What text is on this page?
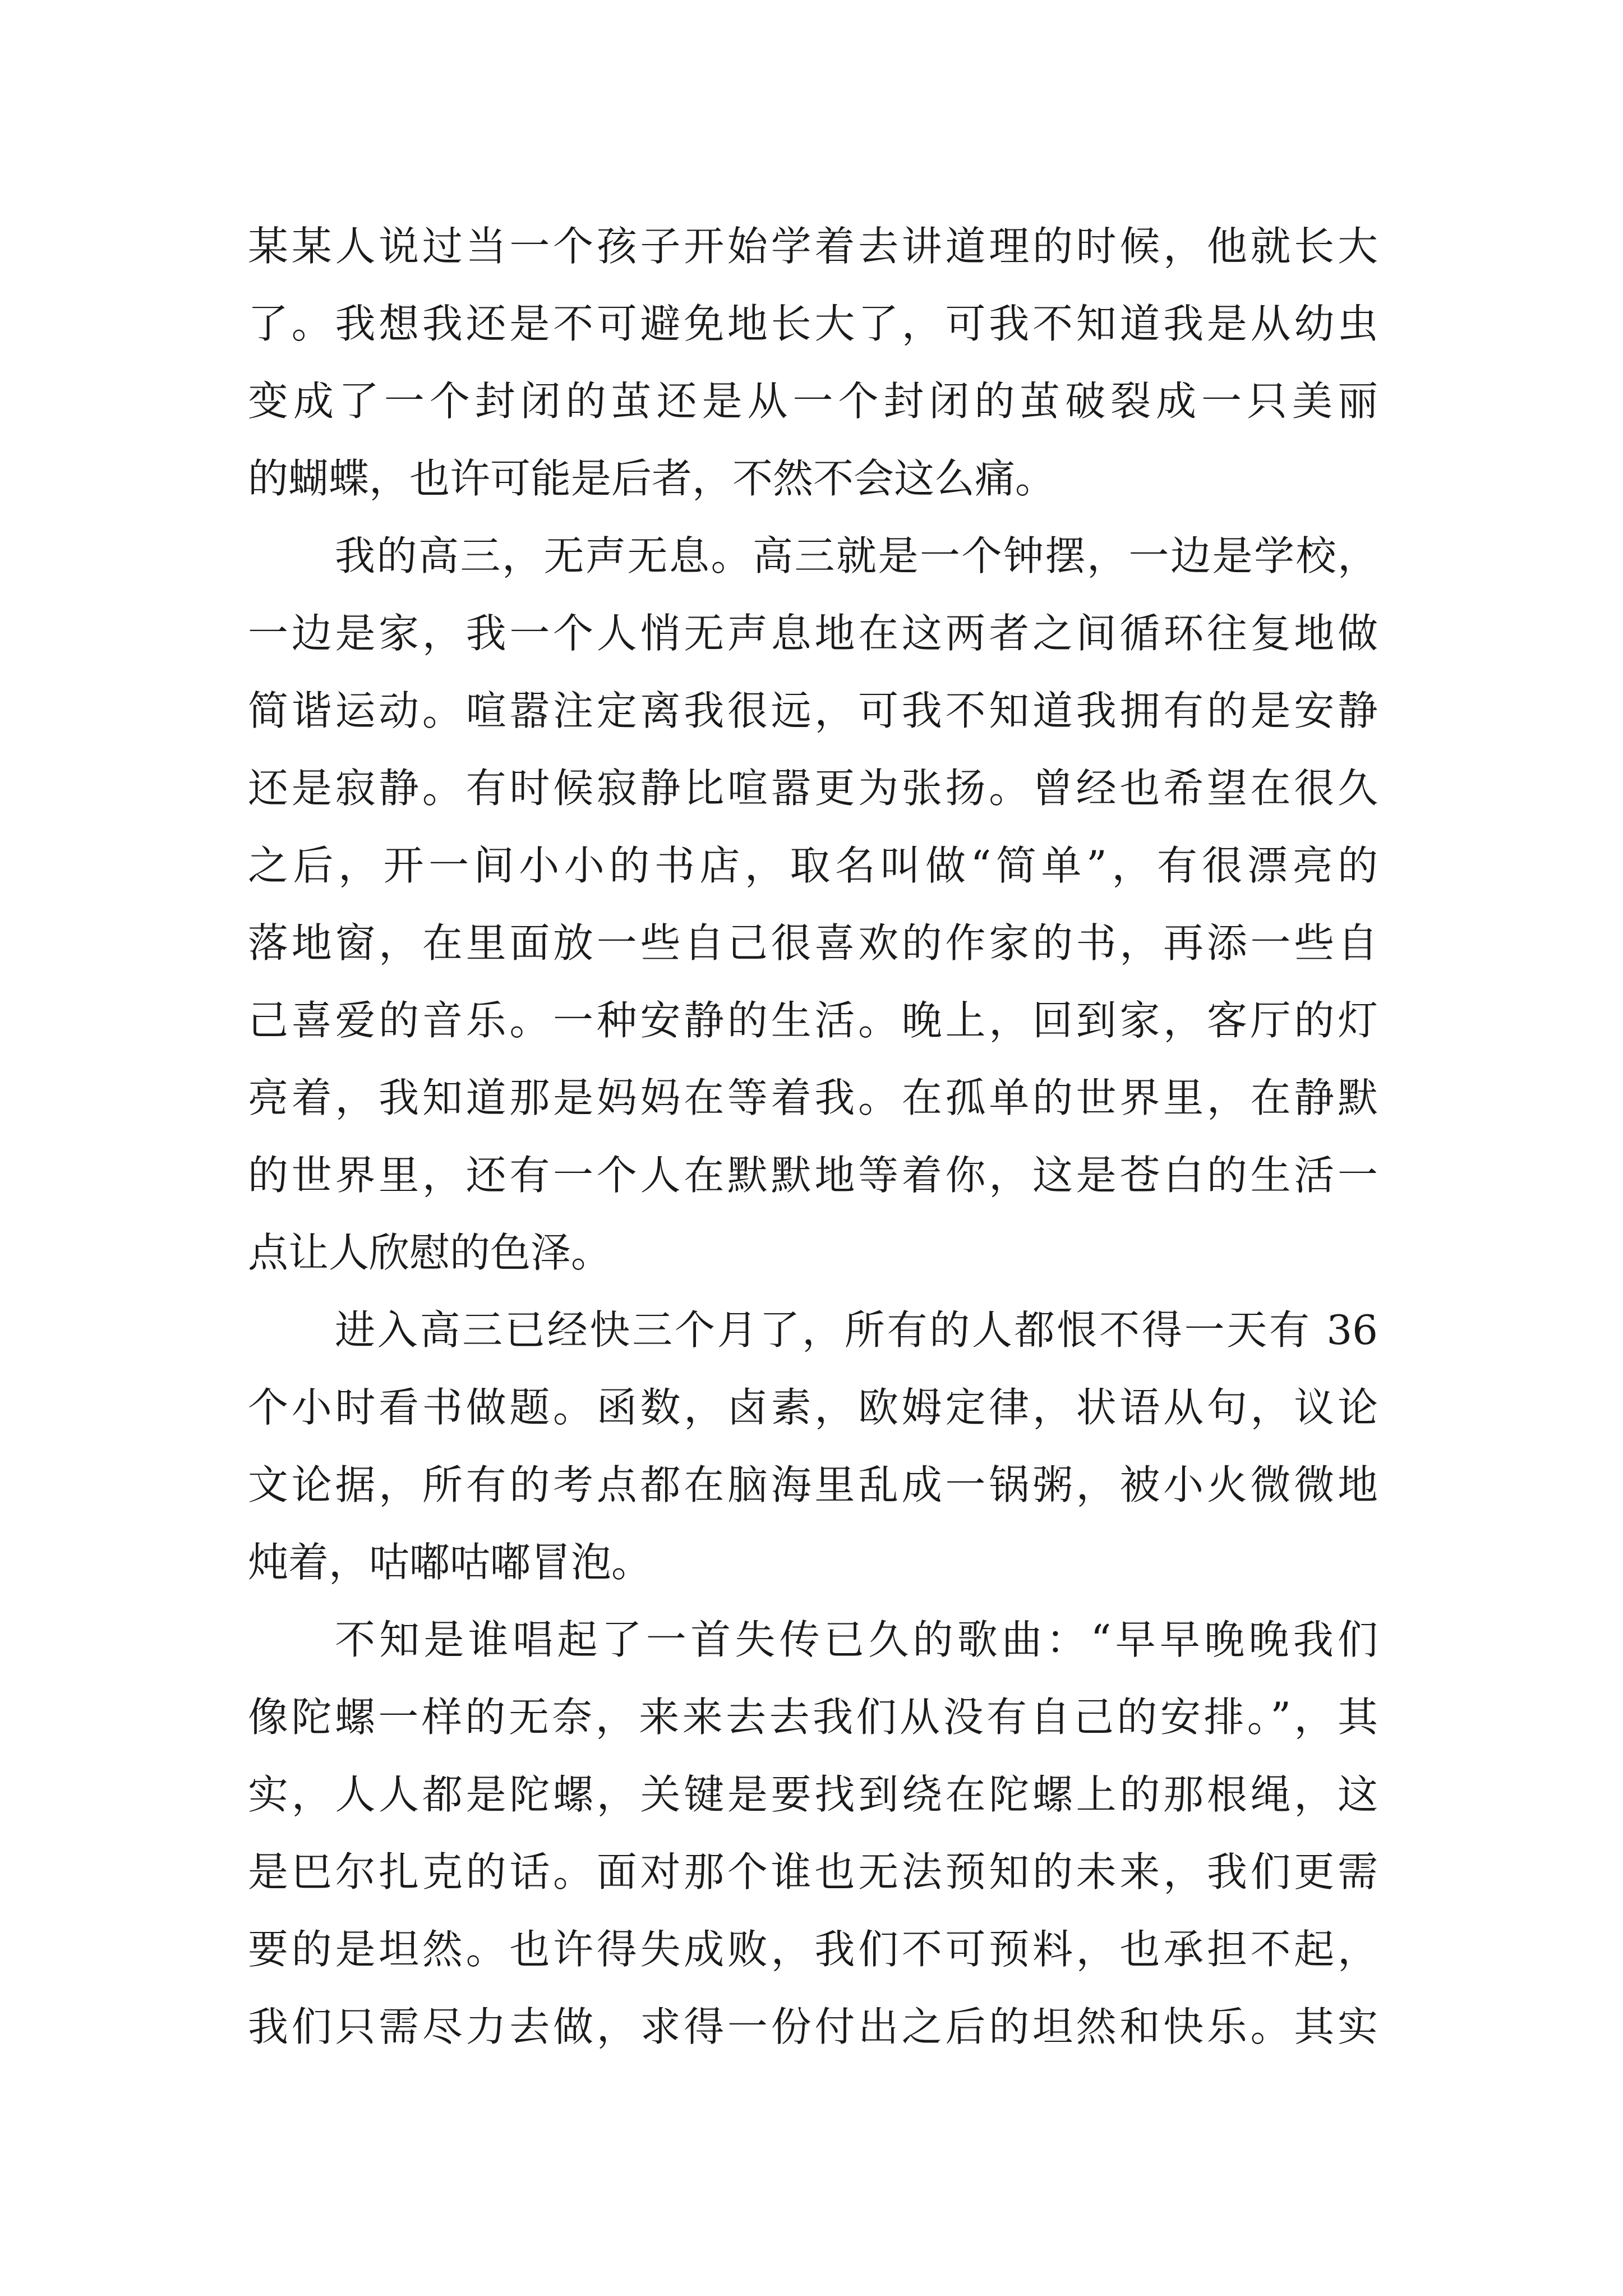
某某人说过当一个孩子开始学着去讲道理的时候，他就长大
了。我想我还是不可避免地长大了，可我不知道我是从幼虫
变成了一个封闭的茧还是从一个封闭的茧破裂成一只美丽
的蝴蝶，也许可能是后者，不然不会这么痛。
我的高三，无声无息。高三就是一个钟摆，一边是学校，
一边是家，我一个人悄无声息地在这两者之间循环往复地做
简谐运动。喧嚣注定离我很远，可我不知道我拥有的是安静
还是寂静。有时候寂静比喧嚣更为张扬。曾经也希望在很久
之后，开一间小小的书店，取名叫做“简单”，有很漂亮的
落地窗，在里面放一些自己很喜欢的作家的书，再添一些自
己喜爱的音乐。一种安静的生活。晚上，回到家，客厅的灯
亮着，我知道那是妈妈在等着我。在孤单的世界里，在静默
的世界里，还有一个人在默默地等着你，这是苍白的生活一
点让人欣慰的色泽。
进入高三已经快三个月了，所有的人都恨不得一天有 36
个小时看书做题。函数，卤素，欧姆定律，状语从句，议论
文论据，所有的考点都在脑海里乱成一锅粥，被小火微微地
炖着，咕嘟咕嘟冒泡。
不知是谁唱起了一首失传已久的歌曲：“早早晚晚我们
像陀螺一样的无奈，来来去去我们从没有自己的安排。”，其
实，人人都是陀螺，关键是要找到绕在陀螺上的那根绳，这
是巴尔扎克的话。面对那个谁也无法预知的未来，我们更需
要的是坦然。也许得失成败，我们不可预料，也承担不起，
我们只需尽力去做，求得一份付出之后的坦然和快乐。其实
